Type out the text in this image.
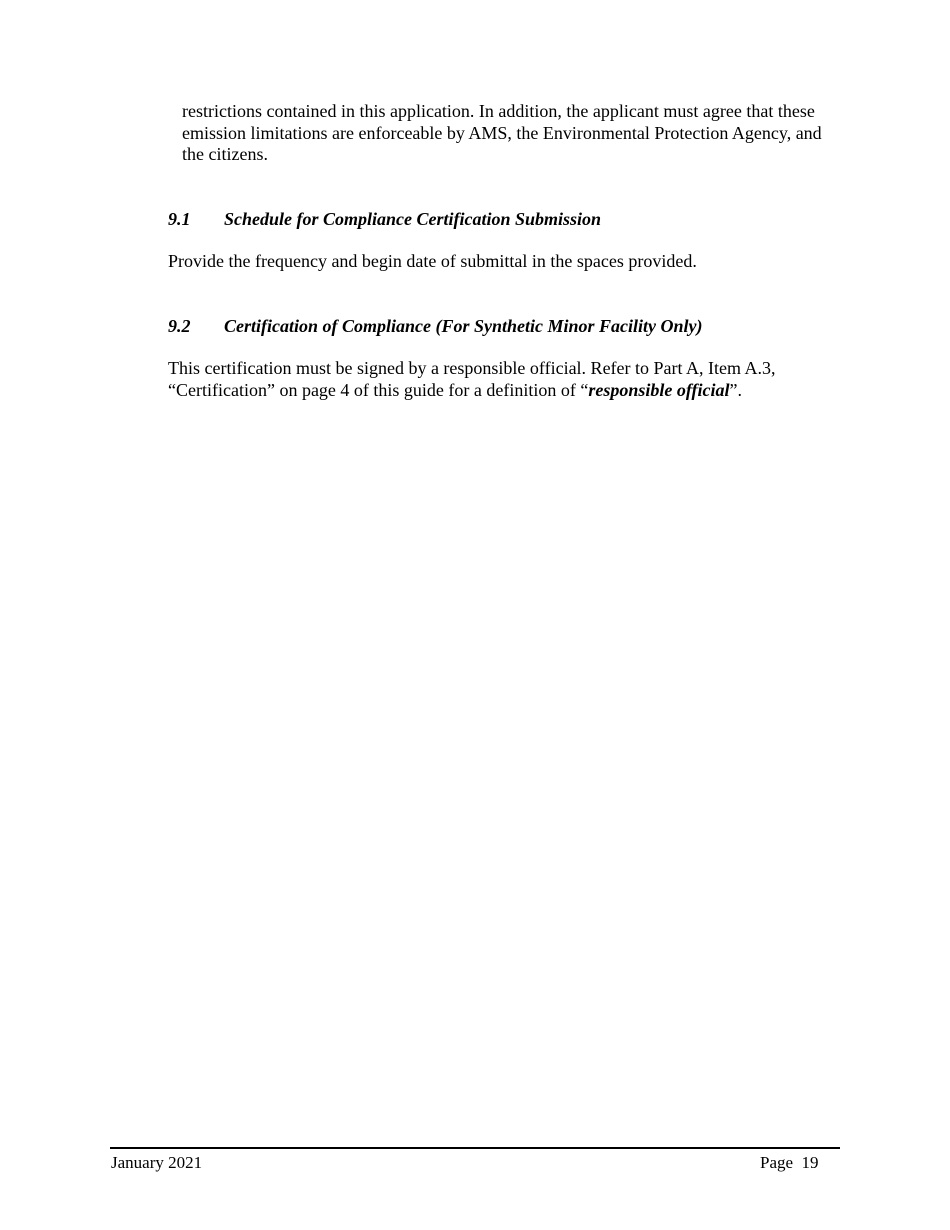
restrictions contained in this application. In addition, the applicant must agree that these emission limitations are enforceable by AMS, the Environmental Protection Agency, and the citizens.

9.1 Schedule for Compliance Certification Submission

Provide the frequency and begin date of submittal in the spaces provided.

9.2 Certification of Compliance (For Synthetic Minor Facility Only)

This certification must be signed by a responsible official. Refer to Part A, Item A.3, “Certification” on page 4 of this guide for a definition of “responsible official”.

January 2021	Page  19
